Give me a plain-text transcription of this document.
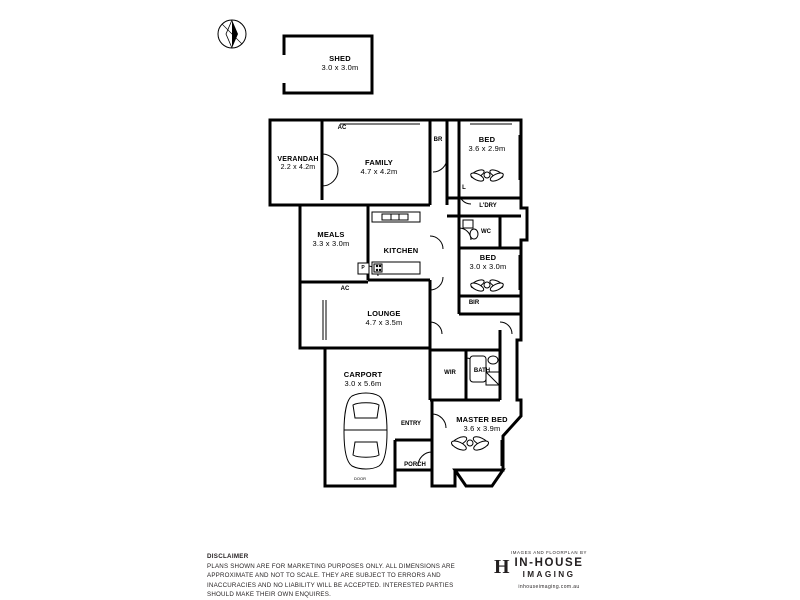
SHED
3.0 x 3.0m
VERANDAH
2.2 x 4.2m
FAMILY
4.7 x 4.2m
BED
3.6 x 2.9m
MEALS
3.3 x 3.0m
KITCHEN
BED
3.0 x 3.0m
LOUNGE
4.7 x 3.5m
CARPORT
3.0 x 5.6m
MASTER BED
3.6 x 3.9m
AC
AC
BR
L
L'DRY
WC
BIR
WIR	BATH
ENTRY
PORCH
P
DOOR
DISCLAIMER
PLANS SHOWN ARE FOR MARKETING PURPOSES ONLY. ALL DIMENSIONS ARE APPROXIMATE AND NOT TO SCALE. THEY ARE SUBJECT TO ERRORS AND INACCURACIES AND NO LIABILITY WILL BE ACCEPTED. INTERESTED PARTIES SHOULD MAKE THEIR OWN ENQUIRES.
H
IMAGES AND FLOORPLAN BY
IN-HOUSE
IMAGING
inhouseimaging.com.au
